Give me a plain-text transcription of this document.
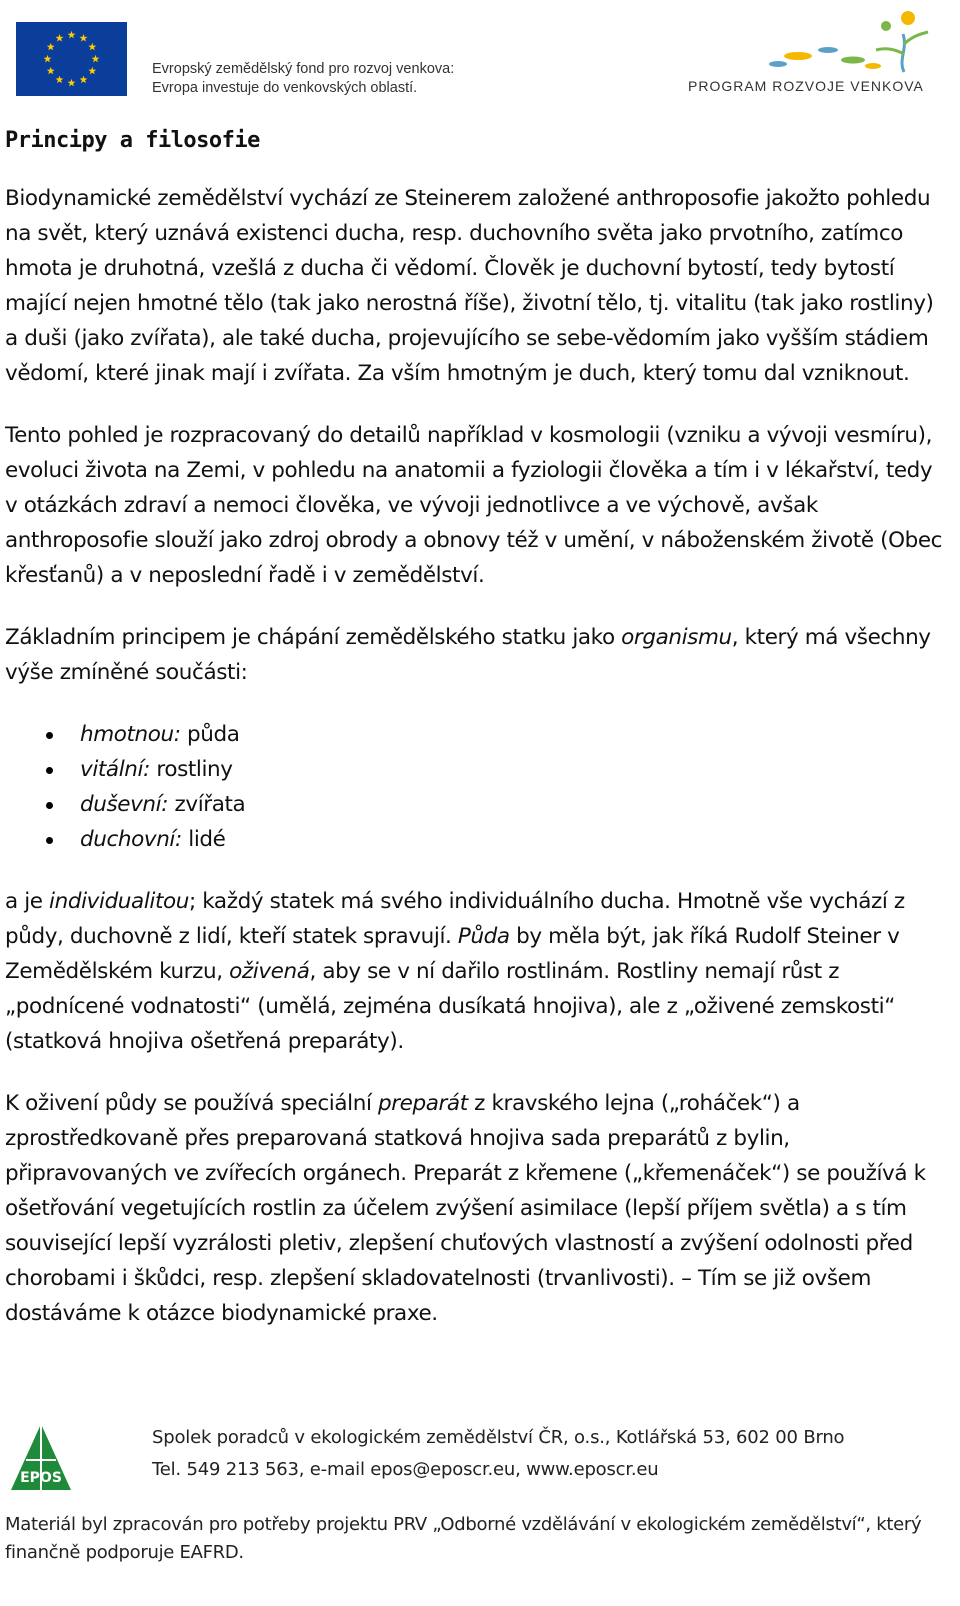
Evropský zemědělský fond pro rozvoj venkova:
Evropa investuje do venkovských oblastí.	PROGRAM ROZVOJE VENKOVA
Principy a filosofie

Biodynamické zemědělství vychází ze Steinerem založené anthroposofie jakožto pohledu na svět, který uznává existenci ducha, resp. duchovního světa jako prvotního, zatímco hmota je druhotná, vzešlá z ducha či vědomí. Člověk je duchovní bytostí, tedy bytostí mající nejen hmotné tělo (tak jako nerostná říše), životní tělo, tj. vitalitu (tak jako rostliny) a duši (jako zvířata), ale také ducha, projevujícího se sebe-vědomím jako vyšším stádiem vědomí, které jinak mají i zvířata. Za vším hmotným je duch, který tomu dal vzniknout.

Tento pohled je rozpracovaný do detailů například v kosmologii (vzniku a vývoji vesmíru), evoluci života na Zemi, v pohledu na anatomii a fyziologii člověka a tím i v lékařství, tedy v otázkách zdraví a nemoci člověka, ve vývoji jednotlivce a ve výchově, avšak anthroposofie slouží jako zdroj obrody a obnovy též v umění, v náboženském životě (Obec křesťanů) a v neposlední řadě i v zemědělství.

Základním principem je chápání zemědělského statku jako organismu, který má všechny výše zmíněné součásti:

hmotnou: půda
vitální: rostliny
duševní: zvířata
duchovní: lidé

a je individualitou; každý statek má svého individuálního ducha. Hmotně vše vychází z půdy, duchovně z lidí, kteří statek spravují. Půda by měla být, jak říká Rudolf Steiner v Zemědělském kurzu, oživená, aby se v ní dařilo rostlinám. Rostliny nemají růst z „podnícené vodnatosti“ (umělá, zejména dusíkatá hnojiva), ale z „oživené zemskosti“ (statková hnojiva ošetřená preparáty).

K oživení půdy se používá speciální preparát z kravského lejna („roháček“) a zprostředkovaně přes preparovaná statková hnojiva sada preparátů z bylin, připravovaných ve zvířecích orgánech. Preparát z křemene („křemenáček“) se používá k ošetřování vegetujících rostlin za účelem zvýšení asimilace (lepší příjem světla) a s tím související lepší vyzrálosti pletiv, zlepšení chuťových vlastností a zvýšení odolnosti před chorobami i škůdci, resp. zlepšení skladovatelnosti (trvanlivosti). – Tím se již ovšem dostáváme k otázce biodynamické praxe.

EPOS
Spolek poradců v ekologickém zemědělství ČR, o.s., Kotlářská 53, 602 00 Brno
Tel. 549 213 563, e-mail epos@eposcr.eu, www.eposcr.eu
Materiál byl zpracován pro potřeby projektu PRV „Odborné vzdělávání v ekologickém zemědělství“, který finančně podporuje EAFRD.
